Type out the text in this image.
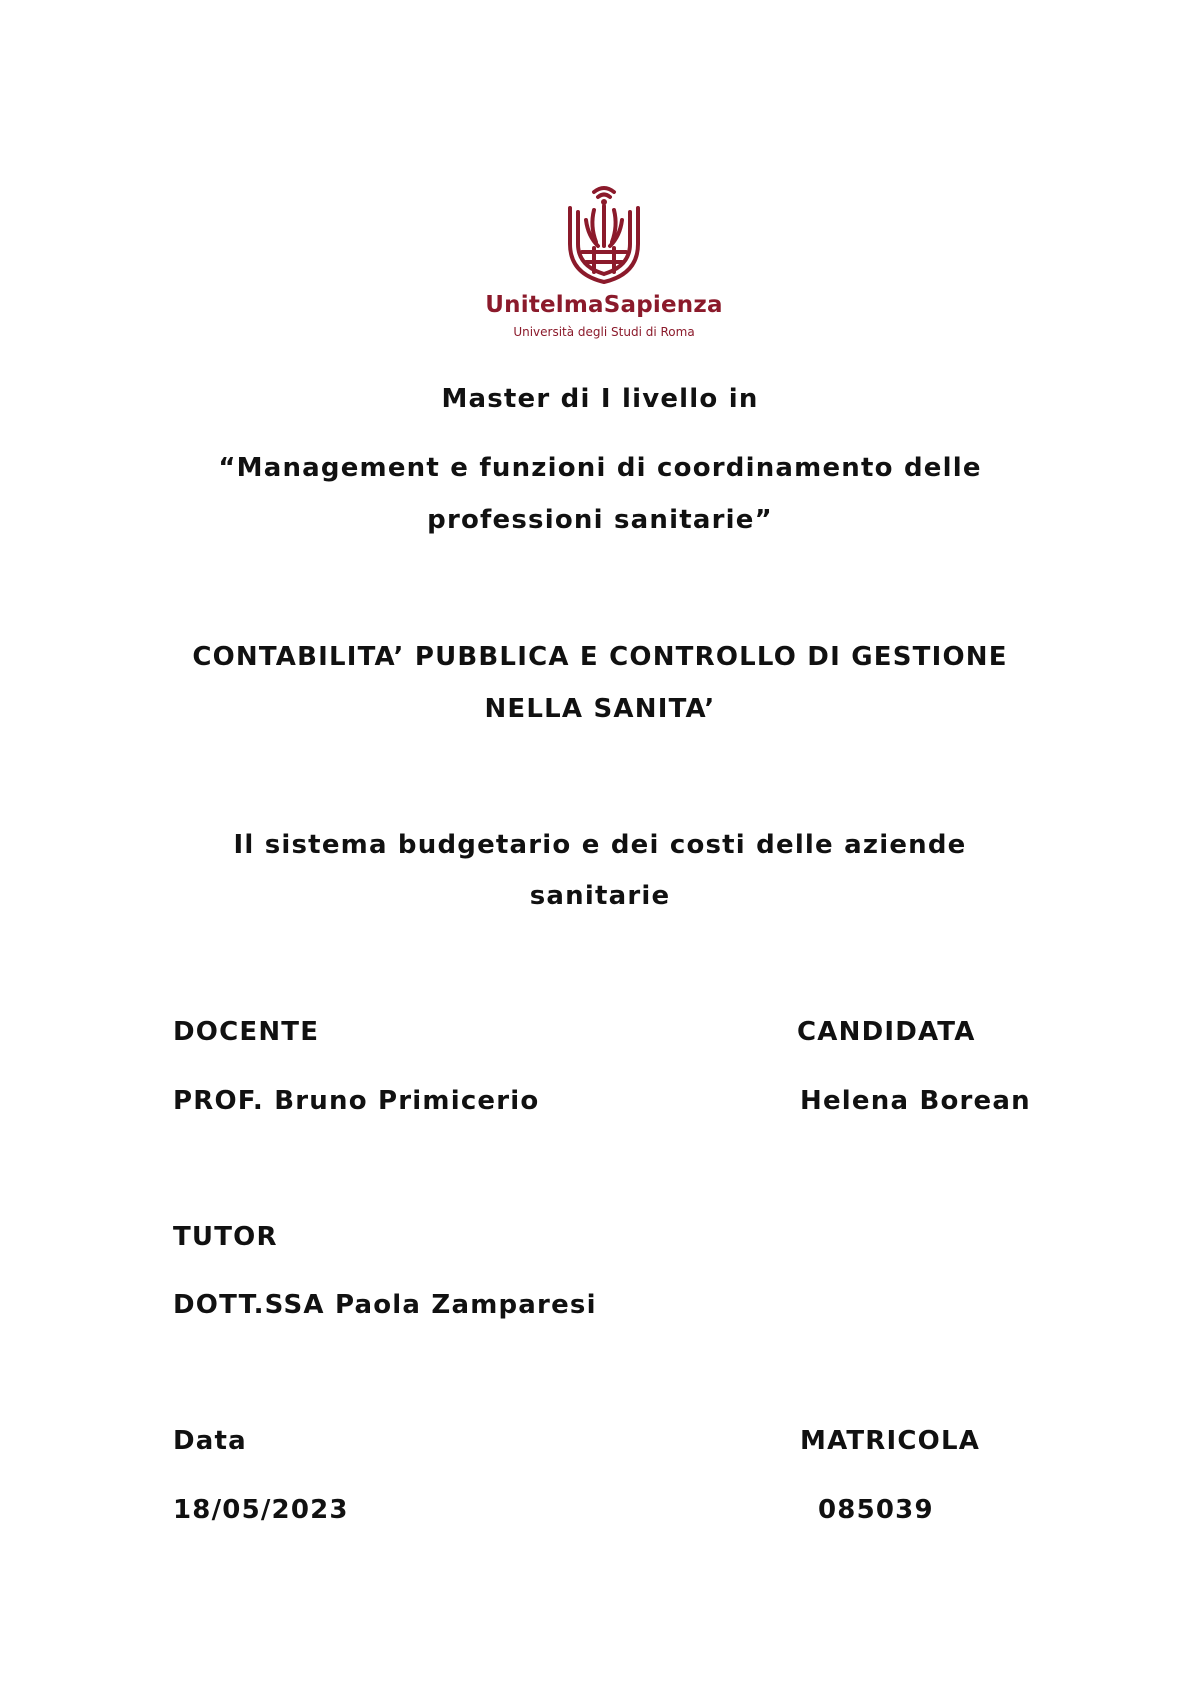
UnitelmaSapienza
Università degli Studi di Roma
Master di I livello in
“Management e funzioni di coordinamento delle
professioni sanitarie”
CONTABILITA’ PUBBLICA E CONTROLLO DI GESTIONE
NELLA SANITA’
Il sistema budgetario e dei costi delle aziende
sanitarie
DOCENTE	CANDIDATA
PROF. Bruno Primicerio	Helena Borean
TUTOR
DOTT.SSA Paola Zamparesi
Data	MATRICOLA
18/05/2023	085039
